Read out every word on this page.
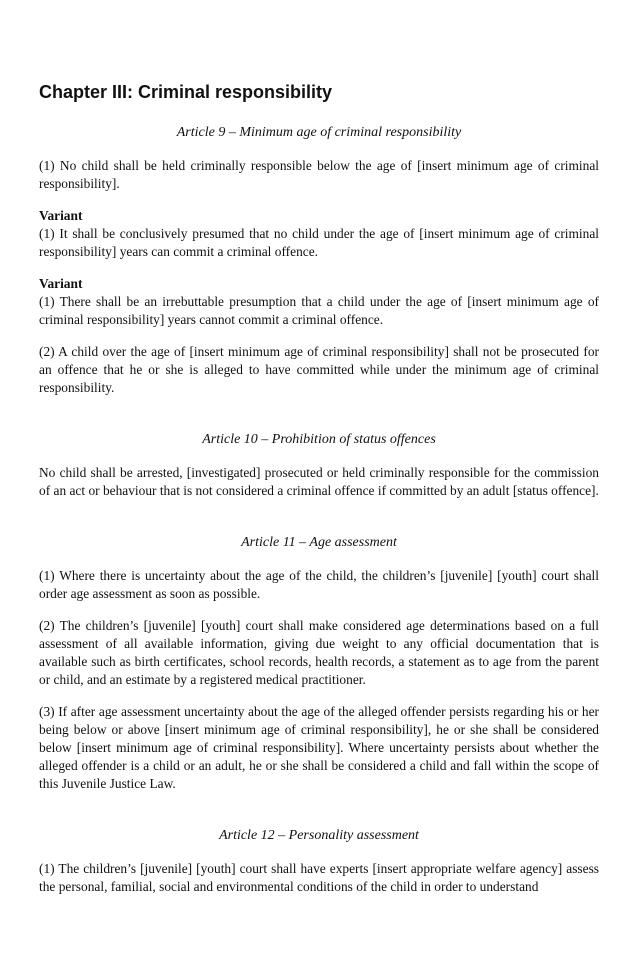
Chapter III: Criminal responsibility
Article 9 – Minimum age of criminal responsibility

(1) No child shall be held criminally responsible below the age of [insert minimum age of criminal responsibility].

Variant
(1) It shall be conclusively presumed that no child under the age of [insert minimum age of criminal responsibility] years can commit a criminal offence.

Variant
(1) There shall be an irrebuttable presumption that a child under the age of [insert minimum age of criminal responsibility] years cannot commit a criminal offence.

(2) A child over the age of [insert minimum age of criminal responsibility] shall not be prosecuted for an offence that he or she is alleged to have committed while under the minimum age of criminal responsibility.

Article 10 – Prohibition of status offences

No child shall be arrested, [investigated] prosecuted or held criminally responsible for the commission of an act or behaviour that is not considered a criminal offence if committed by an adult [status offence].

Article 11 – Age assessment

(1) Where there is uncertainty about the age of the child, the children’s [juvenile] [youth] court shall order age assessment as soon as possible.

(2) The children’s [juvenile] [youth] court shall make considered age determinations based on a full assessment of all available information, giving due weight to any official documentation that is available such as birth certificates, school records, health records, a statement as to age from the parent or child, and an estimate by a registered medical practitioner.

(3) If after age assessment uncertainty about the age of the alleged offender persists regarding his or her being below or above [insert minimum age of criminal responsibility], he or she shall be considered below [insert minimum age of criminal responsibility]. Where uncertainty persists about whether the alleged offender is a child or an adult, he or she shall be considered a child and fall within the scope of this Juvenile Justice Law.

Article 12 – Personality assessment

(1) The children’s [juvenile] [youth] court shall have experts [insert appropriate welfare agency] assess the personal, familial, social and environmental conditions of the child in order to understand
